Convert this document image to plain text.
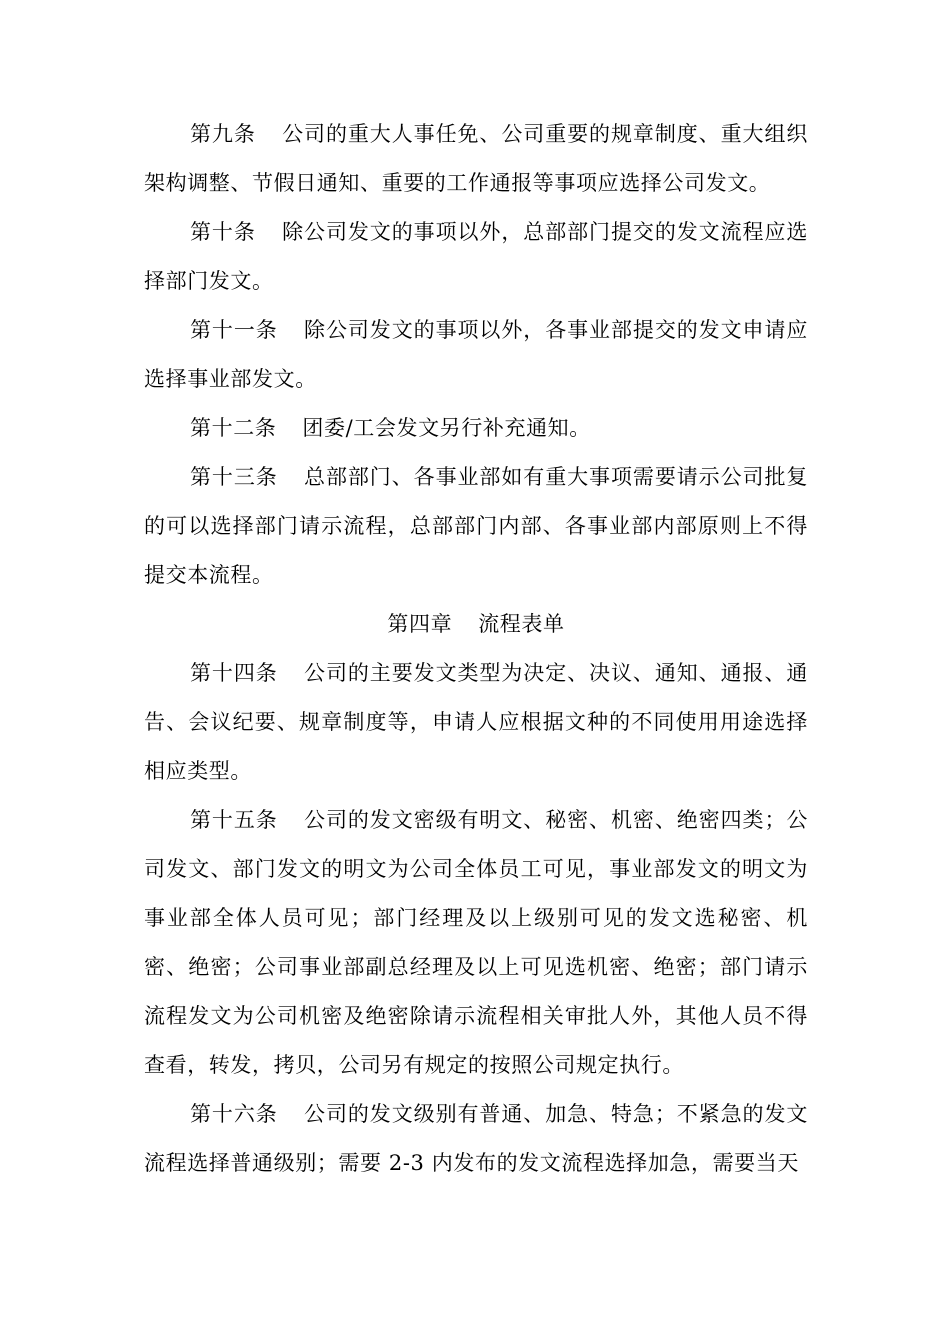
第九条 公司的重大人事任免、公司重要的规章制度、重大组织架构调整、节假日通知、重要的工作通报等事项应选择公司发文。

第十条 除公司发文的事项以外，总部部门提交的发文流程应选择部门发文。

第十一条 除公司发文的事项以外，各事业部提交的发文申请应选择事业部发文。

第十二条 团委/工会发文另行补充通知。

第十三条 总部部门、各事业部如有重大事项需要请示公司批复的可以选择部门请示流程，总部部门内部、各事业部内部原则上不得提交本流程。

第四章 流程表单

第十四条 公司的主要发文类型为决定、决议、通知、通报、通告、会议纪要、规章制度等，申请人应根据文种的不同使用用途选择相应类型。

第十五条 公司的发文密级有明文、秘密、机密、绝密四类；公司发文、部门发文的明文为公司全体员工可见，事业部发文的明文为事业部全体人员可见；部门经理及以上级别可见的发文选秘密、机密、绝密；公司事业部副总经理及以上可见选机密、绝密；部门请示流程发文为公司机密及绝密除请示流程相关审批人外，其他人员不得查看，转发，拷贝，公司另有规定的按照公司规定执行。

第十六条 公司的发文级别有普通、加急、特急；不紧急的发文流程选择普通级别；需要 2-3 内发布的发文流程选择加急，需要当天
